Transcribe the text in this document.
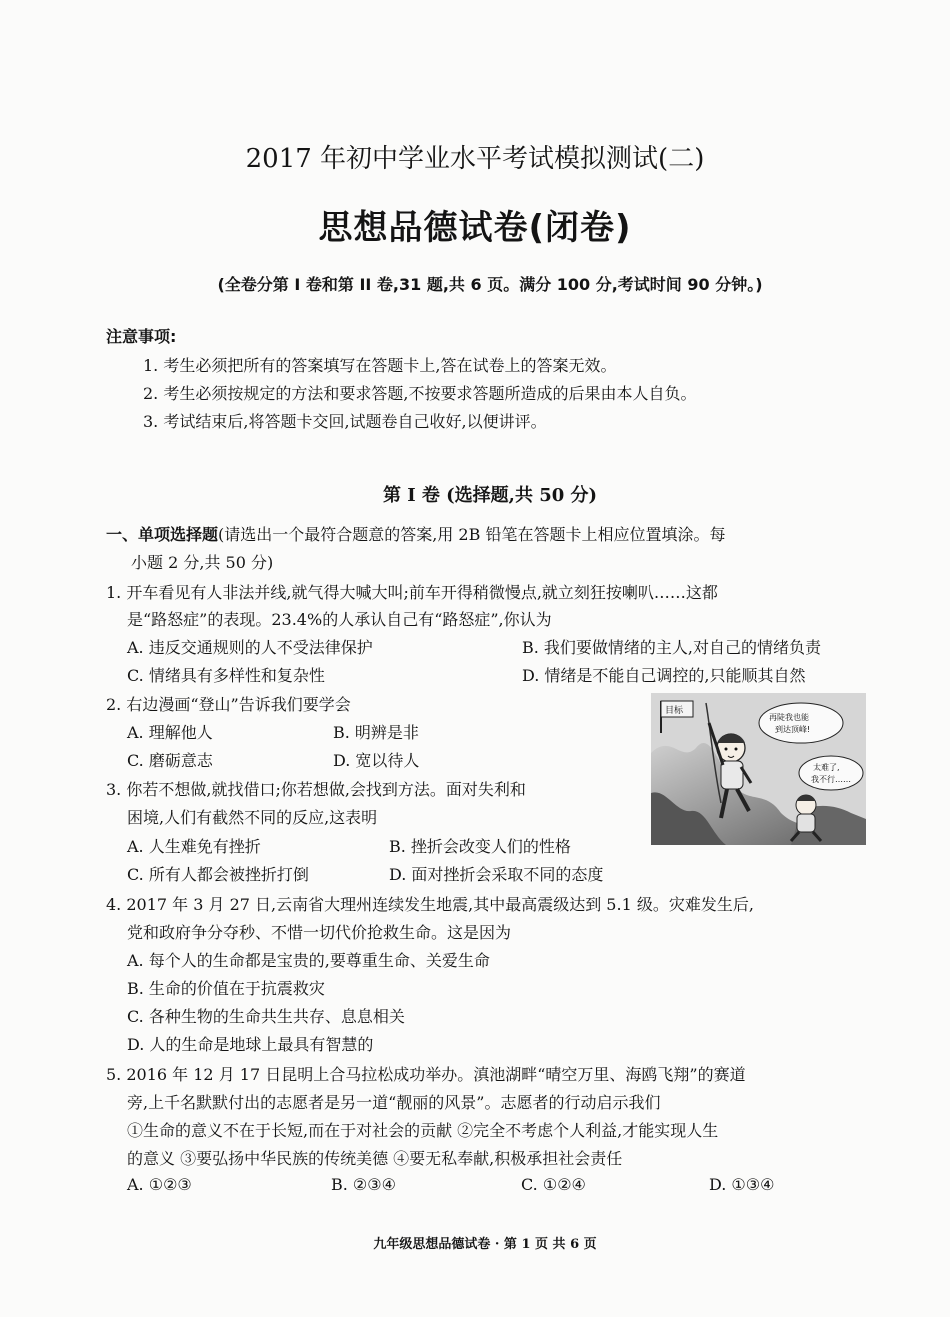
2017 年初中学业水平考试模拟测试(二)
思想品德试卷(闭卷)
(全卷分第 I 卷和第 II 卷,31 题,共 6 页。满分 100 分,考试时间 90 分钟。)
注意事项:
1. 考生必须把所有的答案填写在答题卡上,答在试卷上的答案无效。
2. 考生必须按规定的方法和要求答题,不按要求答题所造成的后果由本人自负。
3. 考试结束后,将答题卡交回,试题卷自己收好,以便讲评。
第 I 卷 (选择题,共 50 分)
一、单项选择题(请选出一个最符合题意的答案,用 2B 铅笔在答题卡上相应位置填涂。每
小题 2 分,共 50 分)
1. 开车看见有人非法并线,就气得大喊大叫;前车开得稍微慢点,就立刻狂按喇叭……这都
是“路怒症”的表现。23.4%的人承认自己有“路怒症”,你认为
A. 违反交通规则的人不受法律保护	B. 我们要做情绪的主人,对自己的情绪负责
C. 情绪具有多样性和复杂性	D. 情绪是不能自己调控的,只能顺其自然
2. 右边漫画“登山”告诉我们要学会
A. 理解他人	B. 明辨是非
C. 磨砺意志	D. 宽以待人
目标
再陡我也能
到达顶峰!
太难了,
我不行……
3. 你若不想做,就找借口;你若想做,会找到方法。面对失利和
困境,人们有截然不同的反应,这表明
A. 人生难免有挫折	B. 挫折会改变人们的性格
C. 所有人都会被挫折打倒	D. 面对挫折会采取不同的态度
4. 2017 年 3 月 27 日,云南省大理州连续发生地震,其中最高震级达到 5.1 级。灾难发生后,
党和政府争分夺秒、不惜一切代价抢救生命。这是因为
A. 每个人的生命都是宝贵的,要尊重生命、关爱生命
B. 生命的价值在于抗震救灾
C. 各种生物的生命共生共存、息息相关
D. 人的生命是地球上最具有智慧的
5. 2016 年 12 月 17 日昆明上合马拉松成功举办。滇池湖畔“晴空万里、海鸥飞翔”的赛道
旁,上千名默默付出的志愿者是另一道“靓丽的风景”。志愿者的行动启示我们
①生命的意义不在于长短,而在于对社会的贡献 ②完全不考虑个人利益,才能实现人生
的意义 ③要弘扬中华民族的传统美德 ④要无私奉献,积极承担社会责任
A. ①②③	B. ②③④	C. ①②④	D. ①③④
九年级思想品德试卷 · 第 1 页 共 6 页
